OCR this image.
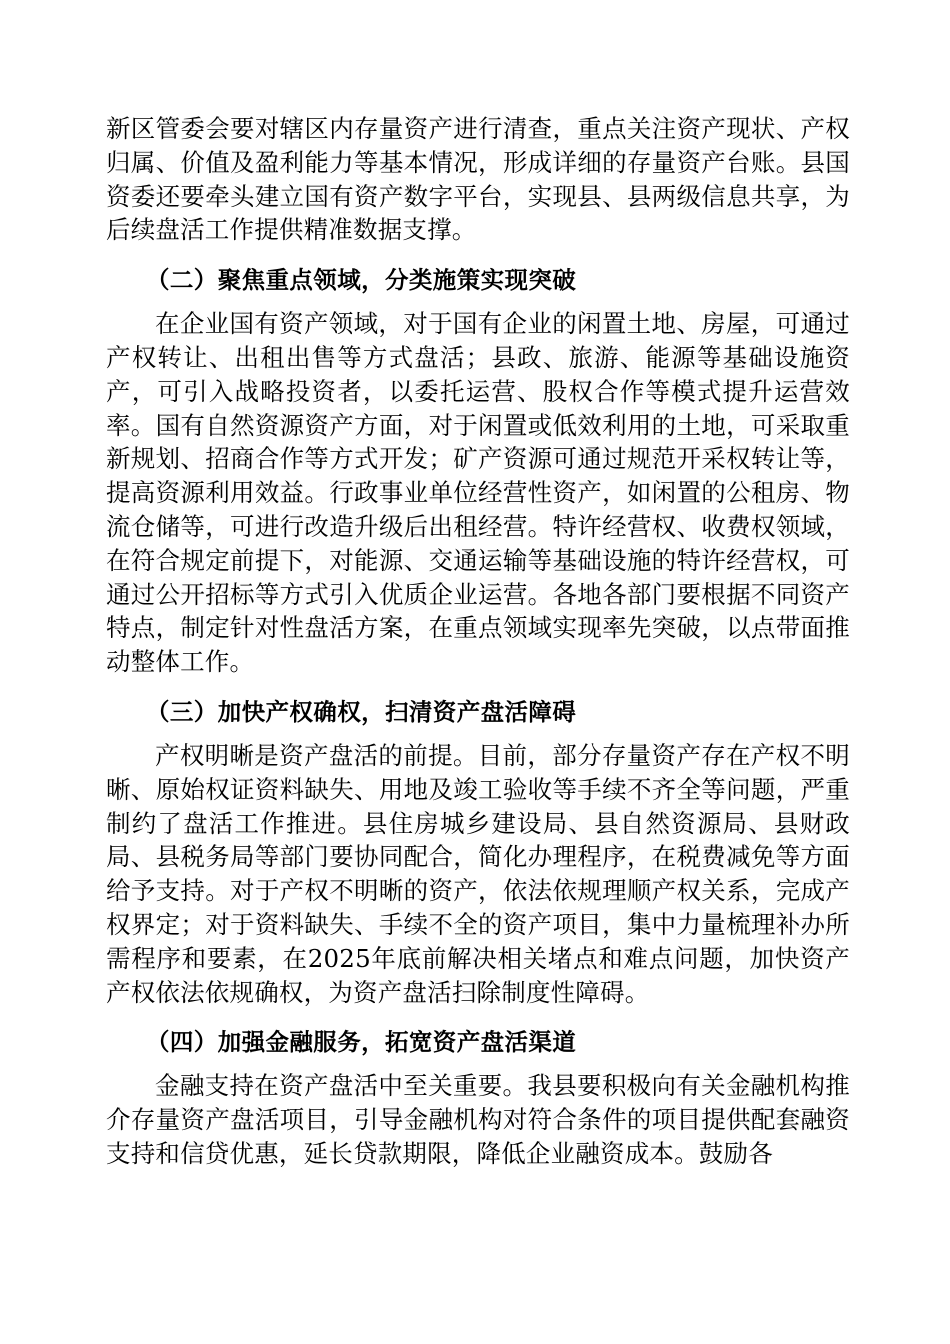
新区管委会要对辖区内存量资产进行清查，重点关注资产现状、产权归属、价值及盈利能力等基本情况，形成详细的存量资产台账。县国资委还要牵头建立国有资产数字平台，实现县、县两级信息共享，为后续盘活工作提供精准数据支撑。

（二）聚焦重点领域，分类施策实现突破

在企业国有资产领域，对于国有企业的闲置土地、房屋，可通过产权转让、出租出售等方式盘活；县政、旅游、能源等基础设施资产，可引入战略投资者，以委托运营、股权合作等模式提升运营效率。国有自然资源资产方面，对于闲置或低效利用的土地，可采取重新规划、招商合作等方式开发；矿产资源可通过规范开采权转让等，提高资源利用效益。行政事业单位经营性资产，如闲置的公租房、物流仓储等，可进行改造升级后出租经营。特许经营权、收费权领域，在符合规定前提下，对能源、交通运输等基础设施的特许经营权，可通过公开招标等方式引入优质企业运营。各地各部门要根据不同资产特点，制定针对性盘活方案，在重点领域实现率先突破，以点带面推动整体工作。

（三）加快产权确权，扫清资产盘活障碍

产权明晰是资产盘活的前提。目前，部分存量资产存在产权不明晰、原始权证资料缺失、用地及竣工验收等手续不齐全等问题，严重制约了盘活工作推进。县住房城乡建设局、县自然资源局、县财政局、县税务局等部门要协同配合，简化办理程序，在税费减免等方面给予支持。对于产权不明晰的资产，依法依规理顺产权关系，完成产权界定；对于资料缺失、手续不全的资产项目，集中力量梳理补办所需程序和要素，在2025年底前解决相关堵点和难点问题，加快资产产权依法依规确权，为资产盘活扫除制度性障碍。

（四）加强金融服务，拓宽资产盘活渠道

金融支持在资产盘活中至关重要。我县要积极向有关金融机构推介存量资产盘活项目，引导金融机构对符合条件的项目提供配套融资支持和信贷优惠，延长贷款期限，降低企业融资成本。鼓励各
